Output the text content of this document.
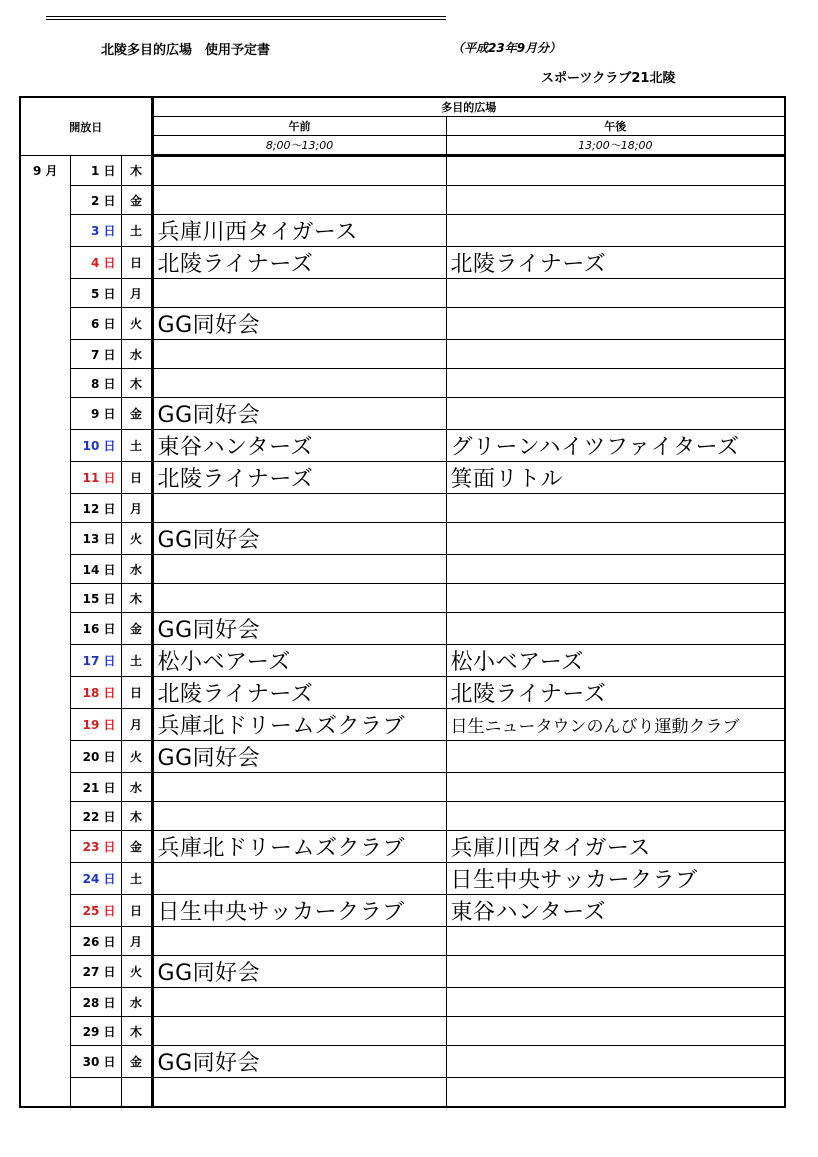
北陵多目的広場　使用予定書	（平成23年9月分）
スポーツクラブ21北陵
開放日			多目的広場	
			午前	午後
			8;00～13;00	13;00～18;00
9 月	1 日	木		
	2 日	金		
	3 日	土	兵庫川西タイガース	
	4 日	日	北陵ライナーズ	北陵ライナーズ
	5 日	月		
	6 日	火	GG同好会	
	7 日	水		
	8 日	木		
	9 日	金	GG同好会	
	10 日	土	東谷ハンターズ	グリーンハイツファイターズ
	11 日	日	北陵ライナーズ	箕面リトル
	12 日	月		
	13 日	火	GG同好会	
	14 日	水		
	15 日	木		
	16 日	金	GG同好会	
	17 日	土	松小ベアーズ	松小ベアーズ
	18 日	日	北陵ライナーズ	北陵ライナーズ
	19 日	月	兵庫北ドリームズクラブ	日生ニュータウンのんびり運動クラブ
	20 日	火	GG同好会	
	21 日	水		
	22 日	木		
	23 日	金	兵庫北ドリームズクラブ	兵庫川西タイガース
	24 日	土		日生中央サッカークラブ
	25 日	日	日生中央サッカークラブ	東谷ハンターズ
	26 日	月		
	27 日	火	GG同好会	
	28 日	水		
	29 日	木		
	30 日	金	GG同好会	
